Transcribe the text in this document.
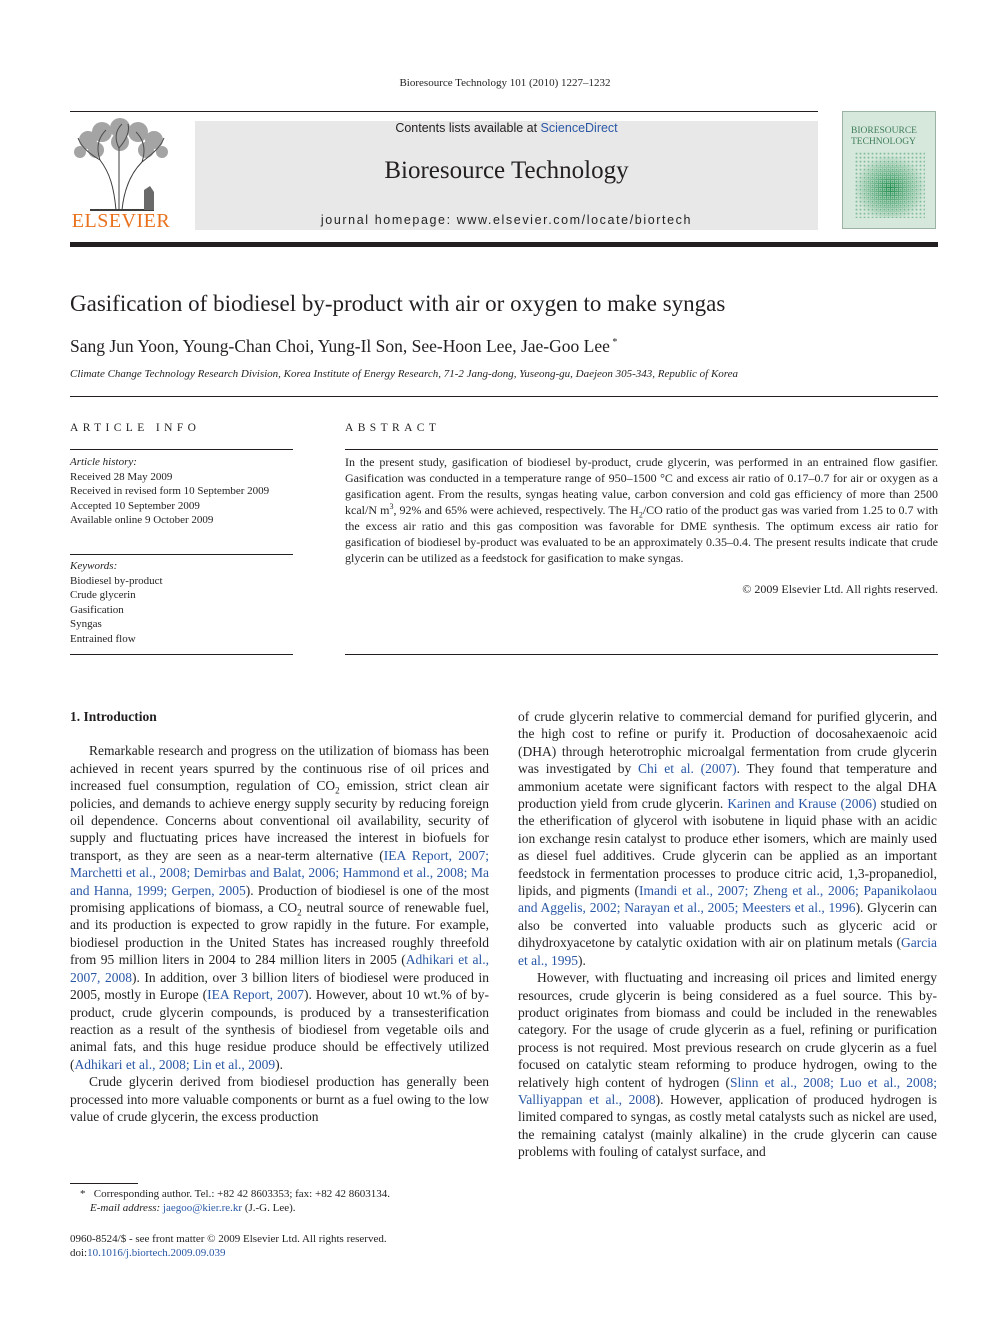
Bioresource Technology 101 (2010) 1227–1232
ELSEVIER
Contents lists available at ScienceDirect
Bioresource Technology
journal homepage: www.elsevier.com/locate/biortech
BIORESOURCE TECHNOLOGY
Gasification of biodiesel by-product with air or oxygen to make syngas
Sang Jun Yoon, Young-Chan Choi, Yung-Il Son, See-Hoon Lee, Jae-Goo Lee *
Climate Change Technology Research Division, Korea Institute of Energy Research, 71-2 Jang-dong, Yuseong-gu, Daejeon 305-343, Republic of Korea
ARTICLE INFO
Article history:
Received 28 May 2009
Received in revised form 10 September 2009
Accepted 10 September 2009
Available online 9 October 2009
Keywords:
Biodiesel by-product
Crude glycerin
Gasification
Syngas
Entrained flow
ABSTRACT
In the present study, gasification of biodiesel by-product, crude glycerin, was performed in an entrained flow gasifier. Gasification was conducted in a temperature range of 950–1500 °C and excess air ratio of 0.17–0.7 for air or oxygen as a gasification agent. From the results, syngas heating value, carbon conversion and cold gas efficiency of more than 2500 kcal/N $m^3$, 92% and 65% were achieved, respectively. The $H_2/CO$ ratio of the product gas was varied from 1.25 to 0.7 with the excess air ratio and this gas composition was favorable for DME synthesis. The optimum excess air ratio for gasification of biodiesel by-product was evaluated to be an approximately 0.35–0.4. The present results indicate that crude glycerin can be utilized as a feedstock for gasification to make syngas.
© 2009 Elsevier Ltd. All rights reserved.
1. Introduction

Remarkable research and progress on the utilization of biomass has been achieved in recent years spurred by the continuous rise of oil prices and increased fuel consumption, regulation of $CO_2$ emission, strict clean air policies, and demands to achieve energy supply security by reducing foreign oil dependence. Concerns about conventional oil availability, security of supply and fluctuating prices have increased the interest in biofuels for transport, as they are seen as a near-term alternative (IEA Report, 2007; Marchetti et al., 2008; Demirbas and Balat, 2006; Hammond et al., 2008; Ma and Hanna, 1999; Gerpen, 2005). Production of biodiesel is one of the most promising applications of biomass, a $CO_2$ neutral source of renewable fuel, and its production is expected to grow rapidly in the future. For example, biodiesel production in the United States has increased roughly threefold from 95 million liters in 2004 to 284 million liters in 2005 (Adhikari et al., 2007, 2008). In addition, over 3 billion liters of biodiesel were produced in 2005, mostly in Europe (IEA Report, 2007). However, about 10 wt.% of by-product, crude glycerin compounds, is produced by a transesterification reaction as a result of the synthesis of biodiesel from vegetable oils and animal fats, and this huge residue produce should be effectively utilized (Adhikari et al., 2008; Lin et al., 2009).

Crude glycerin derived from biodiesel production has generally been processed into more valuable components or burnt as a fuel owing to the low value of crude glycerin, the excess production

of crude glycerin relative to commercial demand for purified glycerin, and the high cost to refine or purify it. Production of docosahexaenoic acid (DHA) through heterotrophic microalgal fermentation from crude glycerin was investigated by Chi et al. (2007). They found that temperature and ammonium acetate were significant factors with respect to the algal DHA production yield from crude glycerin. Karinen and Krause (2006) studied on the etherification of glycerol with isobutene in liquid phase with an acidic ion exchange resin catalyst to produce ether isomers, which are mainly used as diesel fuel additives. Crude glycerin can be applied as an important feedstock in fermentation processes to produce citric acid, 1,3-propanediol, lipids, and pigments (Imandi et al., 2007; Zheng et al., 2006; Papanikolaou and Aggelis, 2002; Narayan et al., 2005; Meesters et al., 1996). Glycerin can also be converted into valuable products such as glyceric acid or dihydroxyacetone by catalytic oxidation with air on platinum metals (Garcia et al., 1995).

However, with fluctuating and increasing oil prices and limited energy resources, crude glycerin is being considered as a fuel source. This by-product originates from biomass and could be included in the renewables category. For the usage of crude glycerin as a fuel, refining or purification process is not required. Most previous research on crude glycerin as a fuel focused on catalytic steam reforming to produce hydrogen, owing to the relatively high content of hydrogen (Slinn et al., 2008; Luo et al., 2008; Valliyappan et al., 2008). However, application of produced hydrogen is limited compared to syngas, as costly metal catalysts such as nickel are used, the remaining catalyst (mainly alkaline) in the crude glycerin can cause problems with fouling of catalyst surface, and

* Corresponding author. Tel.: +82 42 8603353; fax: +82 42 8603134.
E-mail address: jaegoo@kier.re.kr (J.-G. Lee).
0960-8524/$ - see front matter © 2009 Elsevier Ltd. All rights reserved.
doi:10.1016/j.biortech.2009.09.039
